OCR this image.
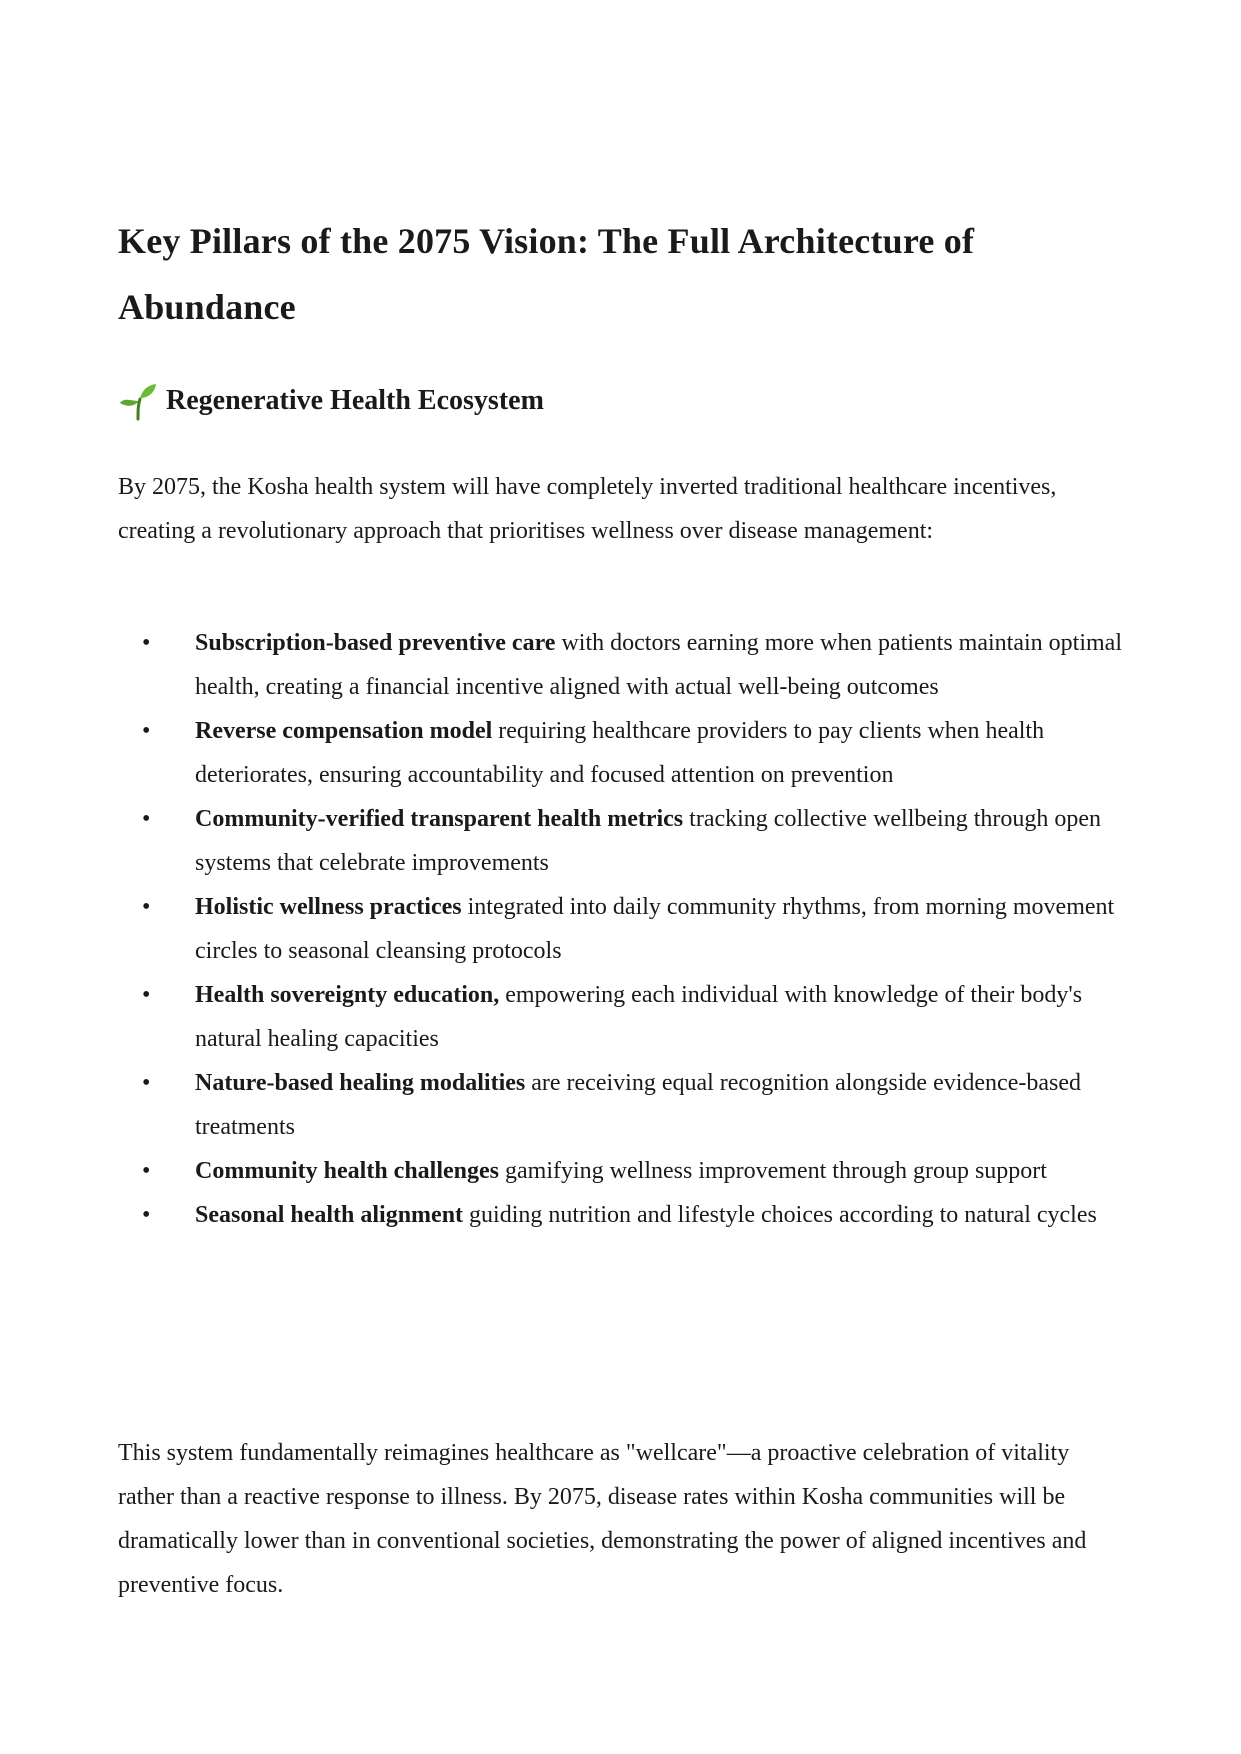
Key Pillars of the 2075 Vision: The Full Architecture of Abundance
Regenerative Health Ecosystem

By 2075, the Kosha health system will have completely inverted traditional healthcare incentives, creating a revolutionary approach that prioritises wellness over disease management:

• Subscription-based preventive care with doctors earning more when patients maintain optimal health, creating a financial incentive aligned with actual well-being outcomes
• Reverse compensation model requiring healthcare providers to pay clients when health deteriorates, ensuring accountability and focused attention on prevention
• Community-verified transparent health metrics tracking collective wellbeing through open systems that celebrate improvements
• Holistic wellness practices integrated into daily community rhythms, from morning movement circles to seasonal cleansing protocols
• Health sovereignty education, empowering each individual with knowledge of their body's natural healing capacities
• Nature-based healing modalities are receiving equal recognition alongside evidence-based treatments
• Community health challenges gamifying wellness improvement through group support
• Seasonal health alignment guiding nutrition and lifestyle choices according to natural cycles

This system fundamentally reimagines healthcare as "wellcare"—a proactive celebration of vitality rather than a reactive response to illness. By 2075, disease rates within Kosha communities will be dramatically lower than in conventional societies, demonstrating the power of aligned incentives and preventive focus.
